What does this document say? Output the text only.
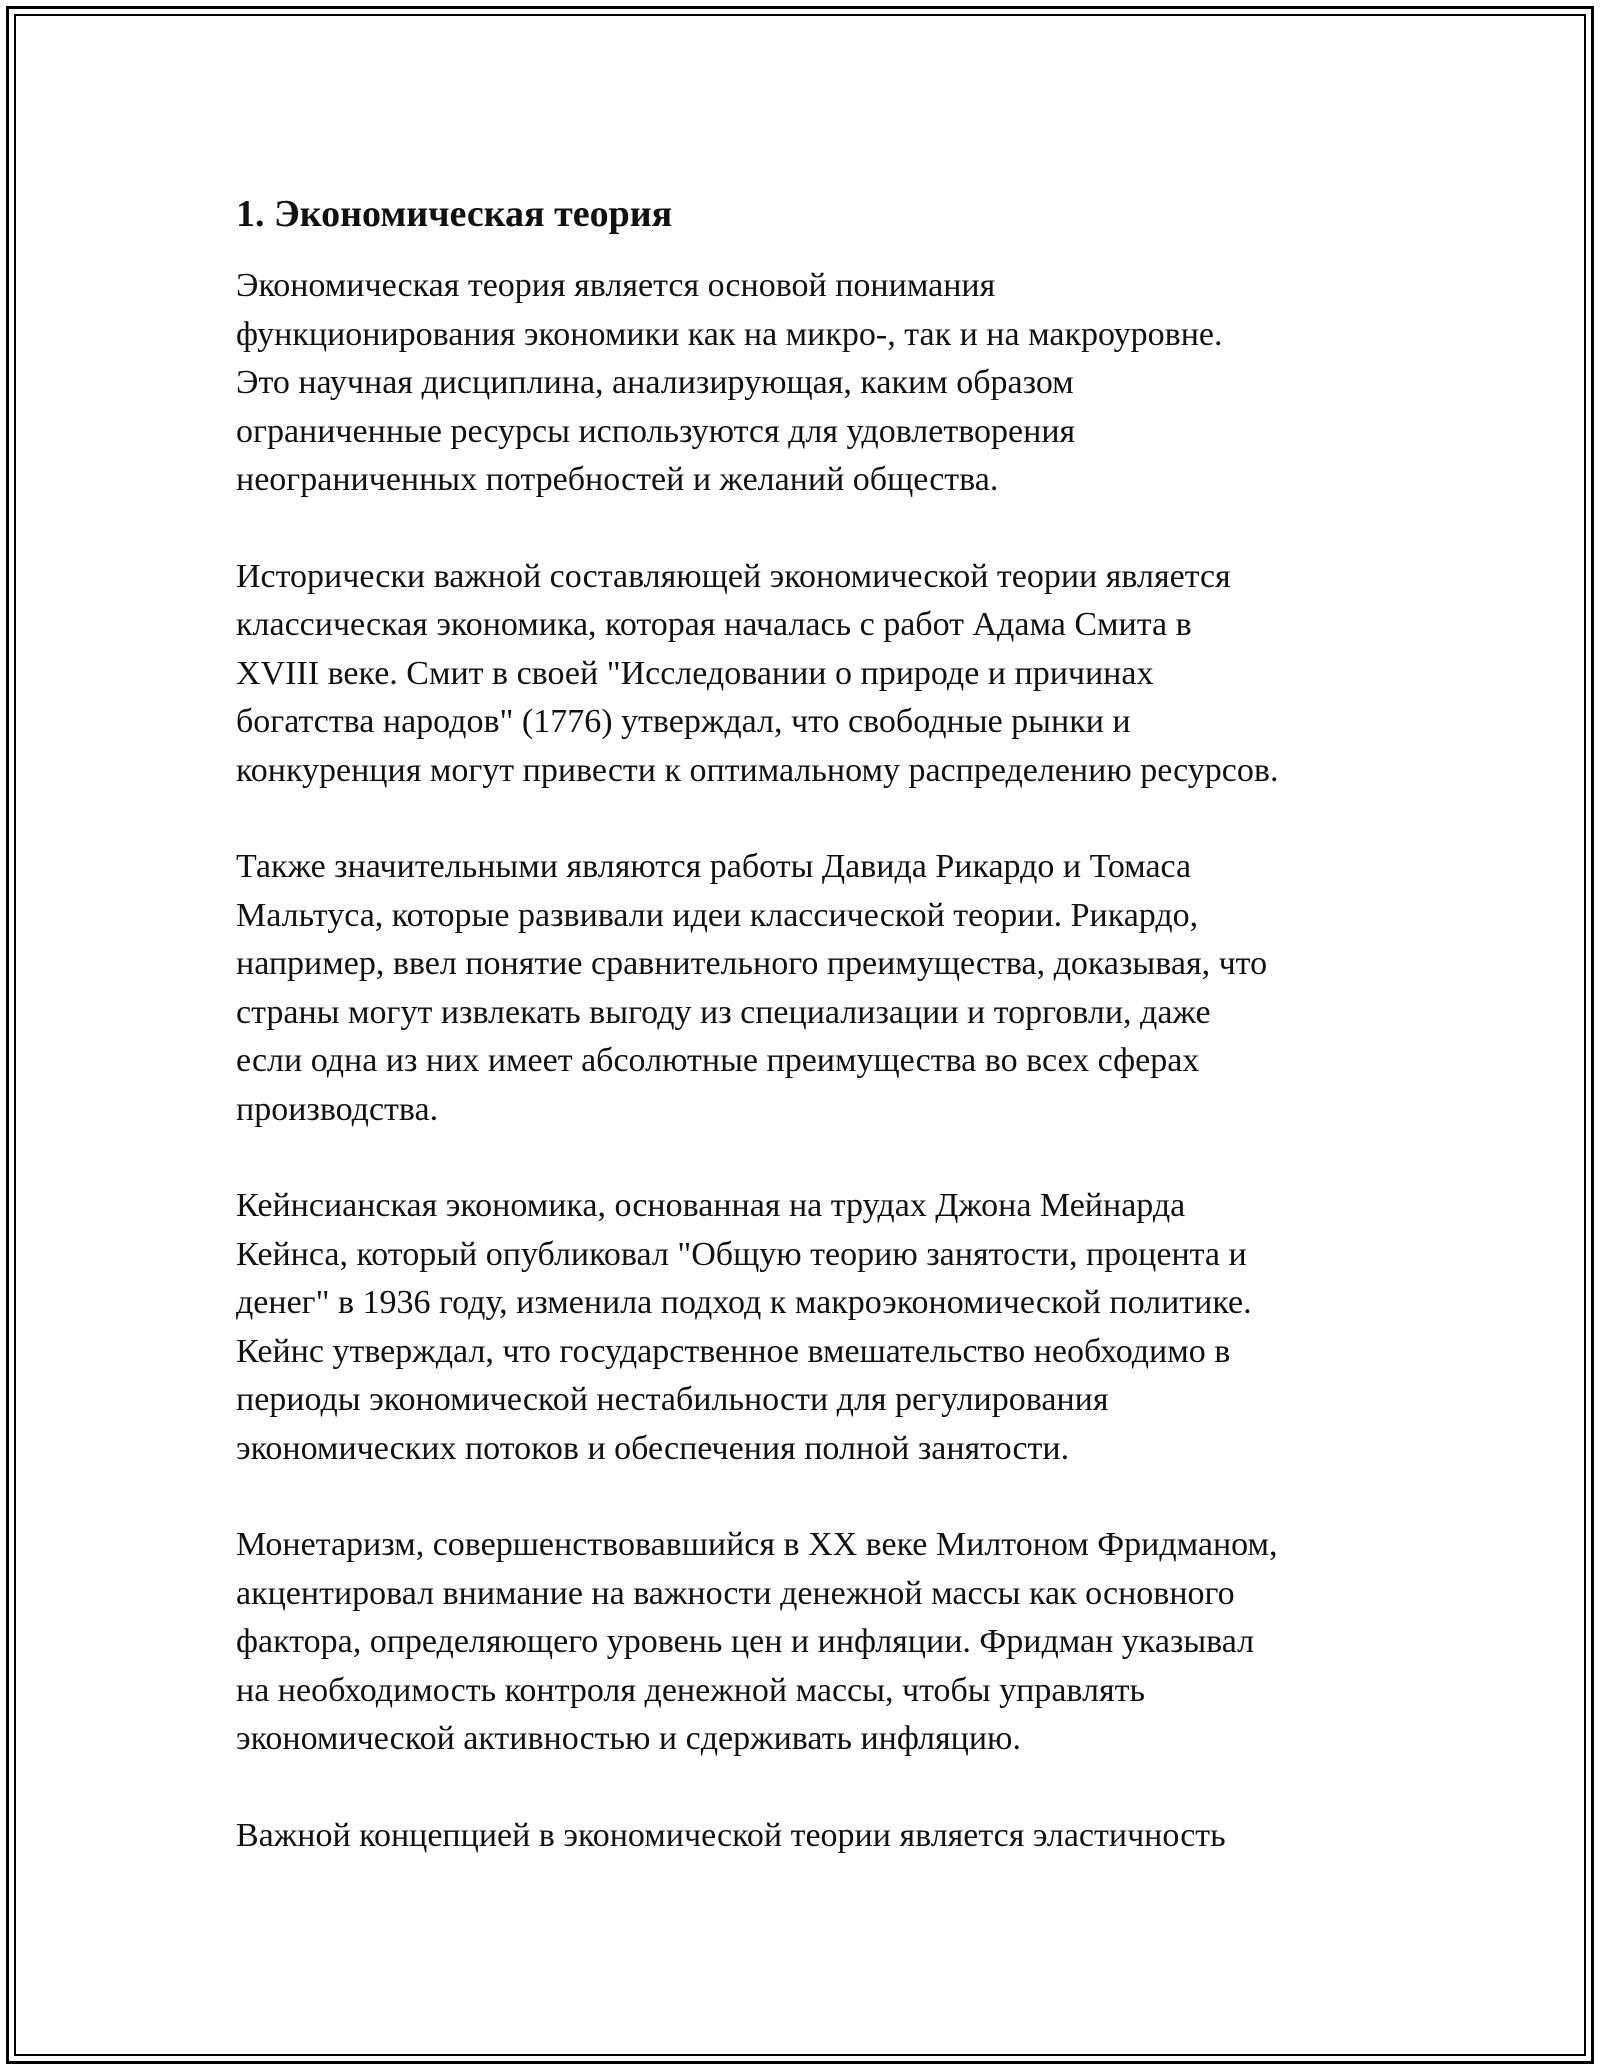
1. Экономическая теория

Экономическая теория является основой понимания
функционирования экономики как на микро-, так и на макроуровне.
Это научная дисциплина, анализирующая, каким образом
ограниченные ресурсы используются для удовлетворения
неограниченных потребностей и желаний общества.

Исторически важной составляющей экономической теории является
классическая экономика, которая началась с работ Адама Смита в
XVIII веке. Смит в своей "Исследовании о природе и причинах
богатства народов" (1776) утверждал, что свободные рынки и
конкуренция могут привести к оптимальному распределению ресурсов.

Также значительными являются работы Давида Рикардо и Томаса
Мальтуса, которые развивали идеи классической теории. Рикардо,
например, ввел понятие сравнительного преимущества, доказывая, что
страны могут извлекать выгоду из специализации и торговли, даже
если одна из них имеет абсолютные преимущества во всех сферах
производства.

Кейнсианская экономика, основанная на трудах Джона Мейнарда
Кейнса, который опубликовал "Общую теорию занятости, процента и
денег" в 1936 году, изменила подход к макроэкономической политике.
Кейнс утверждал, что государственное вмешательство необходимо в
периоды экономической нестабильности для регулирования
экономических потоков и обеспечения полной занятости.

Монетаризм, совершенствовавшийся в XX веке Милтоном Фридманом,
акцентировал внимание на важности денежной массы как основного
фактора, определяющего уровень цен и инфляции. Фридман указывал
на необходимость контроля денежной массы, чтобы управлять
экономической активностью и сдерживать инфляцию.

Важной концепцией в экономической теории является эластичность
